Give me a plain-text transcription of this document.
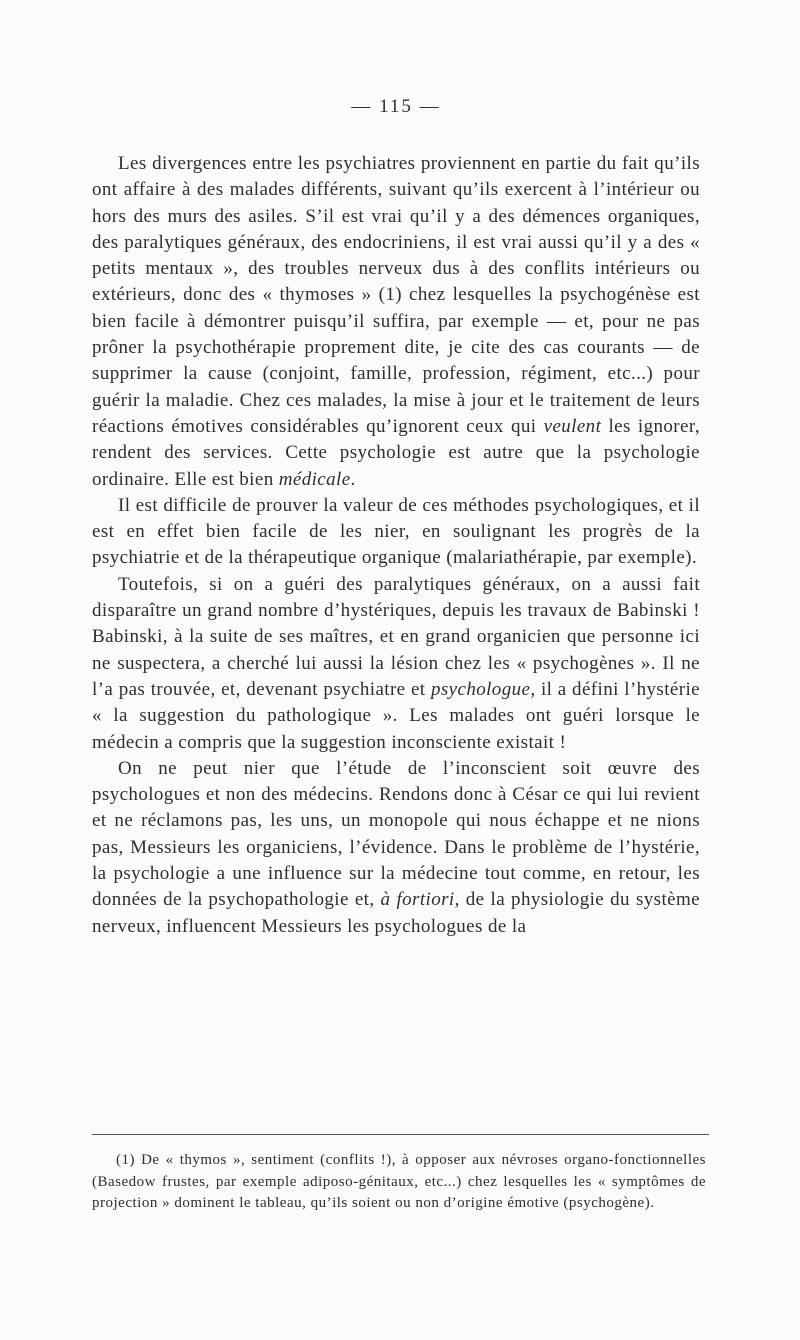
— 115 —

Les divergences entre les psychiatres proviennent en partie du fait qu’ils ont affaire à des malades différents, suivant qu’ils exercent à l’intérieur ou hors des murs des asiles. S’il est vrai qu’il y a des démences organiques, des paralytiques généraux, des endocriniens, il est vrai aussi qu’il y a des « petits mentaux », des troubles nerveux dus à des conflits intérieurs ou extérieurs, donc des « thymoses » (1) chez lesquelles la psychogénèse est bien facile à démontrer puisqu’il suffira, par exemple — et, pour ne pas prôner la psychothérapie proprement dite, je cite des cas courants — de supprimer la cause (conjoint, famille, profession, régiment, etc...) pour guérir la maladie. Chez ces malades, la mise à jour et le traitement de leurs réactions émotives considérables qu’ignorent ceux qui veulent les ignorer, rendent des services. Cette psychologie est autre que la psychologie ordinaire. Elle est bien médicale.

Il est difficile de prouver la valeur de ces méthodes psychologiques, et il est en effet bien facile de les nier, en soulignant les progrès de la psychiatrie et de la thérapeutique organique (malariathérapie, par exemple).

Toutefois, si on a guéri des paralytiques généraux, on a aussi fait disparaître un grand nombre d’hystériques, depuis les travaux de Babinski ! Babinski, à la suite de ses maîtres, et en grand organicien que personne ici ne suspectera, a cherché lui aussi la lésion chez les « psychogènes ». Il ne l’a pas trouvée, et, devenant psychiatre et psychologue, il a défini l’hystérie « la suggestion du pathologique ». Les malades ont guéri lorsque le médecin a compris que la suggestion inconsciente existait !

On ne peut nier que l’étude de l’inconscient soit œuvre des psychologues et non des médecins. Rendons donc à César ce qui lui revient et ne réclamons pas, les uns, un monopole qui nous échappe et ne nions pas, Messieurs les organiciens, l’évidence. Dans le problème de l’hystérie, la psychologie a une influence sur la médecine tout comme, en retour, les données de la psychopathologie et, à fortiori, de la physiologie du système nerveux, influencent Messieurs les psychologues de la

(1) De « thymos », sentiment (conflits !), à opposer aux névroses organo-fonctionnelles (Basedow frustes, par exemple adiposo-génitaux, etc...) chez lesquelles les « symptômes de projection » dominent le tableau, qu’ils soient ou non d’origine émotive (psychogène).
